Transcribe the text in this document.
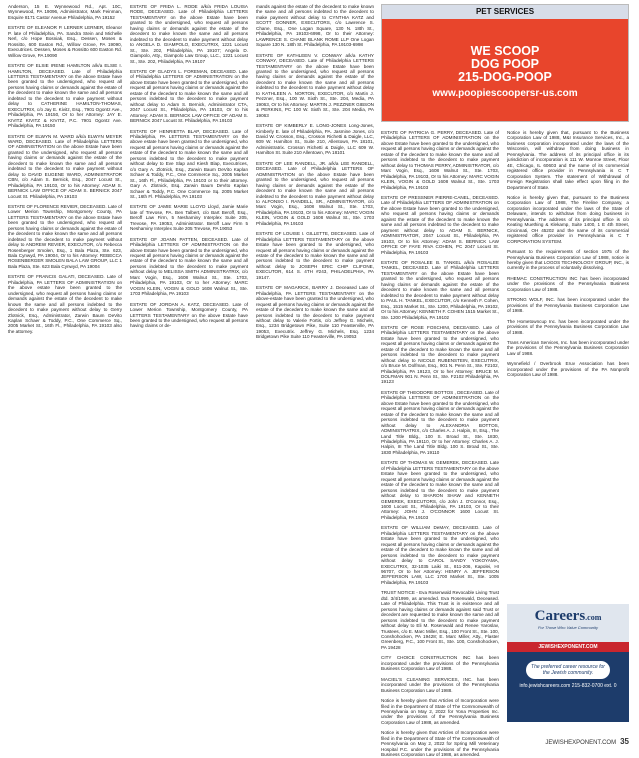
Anderson, 15 E. Wynnewood Rd., Apt. 10C, Wynnewood, PA 19096, Administrator, Mark Feinman, Esquire 8171 Castor Avenue Philadelphia, PA 19152

ESTATE OF ELEANOR P. LERNER LERNER, Eleanor P. late of Philadelphia, PA. Sandra Stein and Michelle Nerl, c/o Hope Bosniak, Esq., Dessen, Moses & Rossitto, 600 Easton Rd., Willow Grove, PA 19090, Executrices. Dessen, Moses & Rossitto 600 Easton Rd. Willow Grove, PA 19090

ESTATE OF ELSIE IRENE HAMILTON a/k/a ELSIE I. HAMILTON, DECEASED. Late of Philadelphia LETTERS TESTAMENTARY on the above Estate have been granted to the undersigned, who request all persons having claims or demands against the estate of the decedent to make known the same and all persons indebted to the decedent to make payment without delay to CATHERINE HAMILTON-THOMAS, EXECUTRIX, c/o Jay E. Kivitz, Esq., 7901 Ogontz Ave., Philadelphia, PA 19150, Or to her Attorney: JAY E. KIVITZ KIVITZ & KIVITZ, P.C. 7901 Ogontz Ave. Philadelphia, PA 19150

ESTATE OF ELWYN M. WARD a/k/a ELWYN MEYER WARD, DECEASED. Late of Philadelphia LETTERS OF ADMINISTRATION on the above Estate have been granted to the undersigned, who request all persons having claims or demands against the estate of the decedent to make known the same and all persons indebted to the decedent to make payment without delay to DAVID EUGENE WARD, ADMINISTRATOR CBN, c/o Adam S. Bernick, Esq., 2047 Locust St., Philadelphia, PA 19103, Or to his Attorney: ADAM S. BERNICK LAW OFFICE OF ADAM S. BERNICK 2047 Locust St. Philadelphia, PA 19103

ESTATE OF FLORENCE REVIER, DECEASED. Late of Lower Merion Township, Montgomery County, PA LETTERS TESTAMENTARY on the above Estate have been granted to the undersigned, who request all persons having claims or demands against the estate of the decedent to make known the same and all persons indebted to the decedent to make payment without delay to ANDREW REVIER, EXECUTOR, c/o Rebecca Rosenberger Smolen, Esq., 1 Bala Plaza, Ste. 623, Bala Cynwyd, PA 19004, Or to his Attorney: REBECCA ROSENBERGER SMOLEN BALA LAW GROUP, LLC 1 Bala Plaza, Ste. 623 Bala Cynwyd, PA 19004

ESTATE OF FRANCIS GALATI, DECEASED. Late of Philadelphia, PA LETTERS OF ADMINISTRATION on the above estate have been granted to the undersigned, who request all persons having claims or demands against the estate of the decedent to make known the same and all persons indebted to the decedent to make payment without delay to Gerry Zlotnick, Esq., Administrator, Zarwin Baum DeVito Kaplan Schaer & Toddy, P.C., One Commerce Sq., 2005 Market St., 16th Fl., Philadelphia, PA 19103 also the attorney.

ESTATE OF FRIDA L. RODE a/k/a FRIDA LOUISA RODE, DECEASED. Late of Philadelphia LETTERS TESTAMENTARY on the above Estate have been granted to the undersigned, who request all persons having claims or demands against the estate of the decedent to make known the same and all persons indebted to the decedent to make payment without delay to ANGELA D. GIAMPOLO, EXECUTRIX, 1221 Locust St., Ste. 202, Philadelphia, PA 19107; Angela D. Giampolo, Atty., Giampolo Law Group, LLC., 1221 Locust St., Ste. 202, Philadelphia, PA 19107

ESTATE OF GLADYS L. FOREMAN, DECEASED. Late of Philadelphia LETTERS OF ADMINISTRATION on the above Estate have been granted to the undersigned, who request all persons having claims or demands against the estate of the decedent to make known the same and all persons indebted to the decedent to make payment without delay to Adam S. Bernick, Administrator CTA, 2047 Locust St., Philadelphia, PA 19103, Or to his Attorney: ADAM S. BERNICK LAW OFFICE OF ADAM S. BERNICK 2047 Locust St. Philadelphia, PA 19103

ESTATE OF HENRIETTA BLAP, DECEASED. Late of Philadelphia, PA LETTERS TESTAMENTARY on the above estate have been granted to the undersigned, who request all persons having claims or demands against the estate of the decedent to make known the same and all persons indebted to the decedent to make payment without delay to Eve Slap and Kiesh Blap, Executrices, c/o Gary A. Zlotnick, Esq., Zarwin Baum DeVito Kaplan Schaer & Toddy, P.C., One Commerce Sq., 2005 Market St., 16th Fl., Philadelphia, PA 19103 or to their attorney. Gary A. Zlotnick, Esq. Zarwin Baum DeVito Kaplan Schaer & Toddy, P.C. One Commerce Sq. 2005 Market St., 16th Fl. Philadelphia, PA 19103

ESTATE OF JAMIE MARIE LLOYD Lloyd, Jamie Marie late of Trevose, PA. Ben Talbert, c/o Bart Beroff, Esq., Beroff Law Firm, 5 Neshaminy Interplex Suite 205, Trevose, PA 19053, Administrator. Beroff Law Firm 5 Neshaminy Interplex Suite 205 Trevose, PA 19053

ESTATE OF JOANN PATTEN, DECEASED. Late of Philadelphia LETTERS OF ADMINISTRATION on the above Estate have been granted to the undersigned, who request all persons having claims or demands against the estate of the decedent to make known the same and all persons indebted to the decedent to make payment without delay to MELISSA SMITH ADMINISTRATRIX, c/o Marc Vogin, Esq., 1608 Walnut St., Ste. 1703, Philadelphia, PA 19103, Or to her Attorney: MARC VOGIN KLEIN, VOGIN & GOLD 1608 Walnut St., Ste. 1703 Philadelphia, PA 19103

ESTATE OF JORDAN A. KATZ, DECEASED. Late of Lower Merion Township, Montgomery County, PA LETTERS TESTAMENTARY on the above Estate have been granted to the undersigned, who request all persons having claims or de-

mands against the estate of the decedent to make known the same and all persons indebted to the decedent to make payment without delay to CYNTHIA KATZ and SCOTT GONNER, EXECUTORS, c/o Lawrence S. Chane, Esq., One Logan Square, 130 N. 18th St., Philadelphia, PA 19103-6998, Or to their Attorney: LAWRENCE S. CHANE BLANK ROME LLP One Logan Square 130 N. 18th St. Philadelphia, PA 19103-6998

ESTATE OF KATHLEEN V. CONWAY a/k/a KATHY CONWAY, DECEASED. Late of Philadelphia LETTERS TESTAMENTARY on the above Estate have been granted to the undersigned, who request all persons having claims or demands against the estate of the decedent to make known the same and all persons indebted to the decedent to make payment without delay to KATHLEEN A. NORTON, EXECUTOR, c/o Martin J. Pezzner, Esq., 100 W. Sixth St., Ste. 204, Media, PA 19063, Or to his Attorney: MARTIN J. PEZZNER GIBSON & PERKINS, PC 100 W. Sixth St., Ste. 204 Media, PA 19063

ESTATE OF KIMBERLY E. LONG-JONES Long-Jones, Kimberly E. late of Philadelphia, PA. Jasmine Jones, c/o David W. Crosson, Esq., Crosson Richetti & Daigle, LLC, 609 W. Hamilton St., Suite 210, Allentown, PA 18101, Administratrix. Crosson Richetti & Daigle, LLC 609 W. Hamilton St. Suite 210 Allentown, PA 18101

ESTATE OF LEE RANDELL, JR. a/k/a LEE RANDELL, DECEASED. Late of Philadelphia LETTERS OF ADMINISTRATION on the above Estate have been granted to the undersigned, who request all persons having claims or demands against the estate of the decedent to make known the same and all persons indebted to the decedent to make payment without delay to ALFONSO I. RANDELL, SR., ADMINISTRATOR, c/o Marc Vogin, Esq., 1608 Walnut St., Ste. 1703, Philadelphia, PA 19103, Or to his Attorney: MARC VOGIN KLEIN, VOGIN & GOLD 1608 Walnut St., Ste. 1703 Philadelphia, PA 19103

ESTATE OF LOUISE I. GILLETTE, DECEASED. Late of Philadelphia LETTERS TESTAMENTARY on the above Estate have been granted to the undersigned, who request all persons having claims or demands against the estate of the decedent to make known the same and all persons indebted to the decedent to make payment without delay to JOSEPH ERIC CHIP CLIFONE, EXECUTOR, 614 S. 4TH #243, PHILADELPHIA, PA 19147.

ESTATE OF MAGARICK, BARRY J. Deceased Late of Philadelphia, PA LETTERS TESTAMENTARY on the above-estate have been granted to the undersigned, who request all persons having claims or demands against the estate of the decedent to make known the same and all persons indebted to the decedent to make payment without delay to Valerie Fortis, c/o Jeffrey G. Michels, Esq., 1234 Bridgetown Pike, Suite 110 Feasterville, PA 19053, Executrix. Jeffrey G. Michels, Esq. 1234 Bridgetown Pike Suite 110 Feasterville, PA 19053

PET SERVICES
WE SCOOP
DOG POOP
215-DOG-POOP
www.poopiescoopersr-us.com

ESTATE OF PATRICIA G. PERRY, DECEASED. Late of Philadelphia LETTERS OF ADMINISTRATION on the above Estate have been granted to the undersigned, who request all persons having claims or demands against the estate of the decedent to make known the same and all persons indebted to the decedent to make payment without delay to THOMAS PERRY, ADMINISTRATOR, c/o Marc Vogin, Esq., 1608 Walnut St., Ste. 1703, Philadelphia, PA 19103, Or to his Attorney: MARC VOGIN KLEIN, VOGIN & GOLD 1608 Walnut St., Ste. 1703 Philadelphia, PA 19103

ESTATE OF PRESSNER PIERRE-CANEL, DECEASED. Late of Philadelphia LETTERS OF ADMINISTRATION on the above Estate have been granted to the undersigned, who request all persons having claims or demands against the estate of the decedent to make known the same and all persons indebted to the decedent to make payment without delay to ADAM S. BERNICK, ADMINISTRATOR, 2047 Locust St., Philadelphia, PA 19103, Or to his Attorney: ADAM S. BERNICK LAW OFFICE OF FAYE RIVA COHEN, PC 2047 Locust St. Philadelphia, PA 19103

ESTATE OF ROSALEE B. TANKEL a/k/a ROSALEE TANKEL, DECEASED. Late of Philadelphia LETTERS TESTAMENTARY on the above Estate have been granted to the undersigned, who request all persons having claims or demands against the estate of the decedent to make known the same and all persons indebted to the decedent to make payment without delay to PAUL H. TANKEL, EXECUTOR, c/o Kenneth F. Cohen, Esq., 1515 Market St., Ste. 1200, Philadelphia, PA 19102, Or to his Attorney: KENNETH F. COHEN 1515 Market St., Ste. 1200 Philadelphia, PA 19102

ESTATE OF ROSE FOSCHINI, DECEASED. Late of Philadelphia LETTERS TESTAMENTARY on the above Estate have been granted to the undersigned, who request all persons having claims or demands against the estate of the decedent to make known the same and all persons indebted to the decedent to make payment without delay to NICOLE RUBENSTEIN, EXECUTRIX, c/o Bruce M. Dolfman, Esq., 901 N. Penn St., Ste. F2102, Philadelphia, PA 19123, Or to her Attorney: BRUCE M. DOLFMAN 901 N. Penn St., Ste. F2102 Philadelphia, PA 19123

ESTATE OF THEODORE BOTTOS , DECEASED. Late of Philadelphia LETTERS OF ADMINISTRATION on the above Estate have been granted to the undersigned, who request all persons having claims or demands against the estate of the decedent to make known the same and all persons indebted to the decedent to make payment without delay to ALEXANDRIA BOTTOS, ADMINISTRATRIX, c/o Charles A. J. Halpin, III, Esq., The Land Title Bldg., 100 S. Broad St., Ste. 1830, Philadelphia, PA 19110, Or to her Attorney: Charles A. J. Halpin, III The Land Title Bldg. 100 S. Broad St., Ste. 1830 Philadelphia, PA 19110

ESTATE OF THOMAS W. GEMEREK, DECEASED. Late of Philadelphia LETTERS TESTAMENTARY on the above Estate have been granted to the undersigned, who request all persons having claims or demands against the estate of the decedent to make known the same and all persons indebted to the decedent to make payment without delay to SHARON SHAW and KENNETH GEMEREK, EXECUTORS, c/o John J. O'Connor, Esq., 1600 Locust St., Philadelphia, PA 19103, Or to their Attorney: JOHN J. O'CONNOR 1600 Locust St. Philadelphia, PA 19103

ESTATE OF WILLIAM DeMAY, DECEASED. Late of Philadelphia LETTERS TESTAMENTARY on the above Estate have been granted to the undersigned, who request all persons having claims or demands against the estate of the decedent to make known the same and all persons indebted to the decedent to make payment without delay to CAROL SANDY YOKOYAMA, EXECUTRIX, 32-1035 Laiki St., 811-206, Kapolei, HI 96707, Or to her Attorney: HENRY A. JEFFERSON JEFFERSON LAW, LLC 1700 Market St., Ste. 1005 Philadelphia, PA 19103

TRUST NOTICE - Eva Rosenwald Revocable Living Trust dtd. 3/4/1999, as amended. Eva Rosenwald, Deceased. Late of Philadelphia. This Trust is in existence and all persons having claims or demands against said Trust or decedent are requested to make known the same and all persons indebted to the decedent to make payment without delay to Eli M. Rosenwald and Renee Yaroslav, Trustees, c/o E. Marc Miller, Esq., 100 Front St., Ste. 100, Conshohocken, PA 19428; E. Marc Miller, Atty., Flaster Greenberg, P.C., 100 Front St., Ste. 100, Conshohocken, PA 19428

CITY CHOICE CONSTRUCTION INC has been incorporated under the provisions of the Pennsylvania Business Corporation Law of 1988.

MACIEL'S CLEANING SERVICES, INC. has been incorporated under the provisions of the Pennsylvania Business Corporation Law of 1988.

Notice is hereby given that Articles of Incorporation were filed in the Department of State of The Commonwealth of Pennsylvania on May 2, 2022 for Yona Properties Inc. under the provisions of the Pennsylvania Business Corporation Law of 1988, as amended.

Notice is hereby given that Articles of Incorporation were filed in the Department of State of The Commonwealth of Pennsylvania on May 2, 2022 for Spring Mill Veterinary Hospital P.C. under the provisions of the Pennsylvania Business Corporation Law of 1988, as amended.

Notice is hereby given that, pursuant to the Business Corporation Law of 1988, M&I Insurance Services, Inc., a business corporation incorporated under the laws of the Wisconsin, will withdraw from doing business in Pennsylvania. The address of its principal office in its jurisdiction of incorporation is 111 W. Monroe Street, Floor 4E, Chicago, IL 60603 and the name of its commercial registered office provider in Pennsylvania is C T Corporation System. The statement of Withdrawal of Foreign Registration shall take effect upon filing in the Department of State.

Notice is hereby given that, pursuant to the Business Corporation Law of 1988, The Fireline Company, a corporation incorporated under the laws of the State of Delaware, intends to withdraw from doing business in Pennsylvania. The address of its principal office is c/o Keating Muething & Klekamp, Suite 1400, 1 E 4th Street, Cincinnati, OH 45202 and the name of its commercial registered office provider in Pennsylvania is C T CORPORATION SYSTEM.

Pursuant to the requirements of section 1975 of the Pennsylvania Business Corporation Law of 1988, notice is hereby given that LOGOS TECHNOLOGY GROUP, INC., is currently in the process of voluntarily dissolving.

RHEMAC CONSTRUCTION INC has been incorporated under the provisions of the Pennsylvania Business Corporation Law of 1988.

STRONG WOLF, INC. has been incorporated under the provisions of the Pennsylvania Business Corporation Law of 1988.

The Hometowncup Inc. has been incorporated under the provisions of the Pennsylvania Business Corporation Law of 1988.

Trans American Services, Inc. has been incorporated under the provisions of the Pennsylvania Business Corporation Law of 1988.

Wynnefield / Overbrook Eruv Association has been incorporated under the provisions of the PA Nonprofit Corporation Law of 1988.

Careers.com
For Those Who Value Community
JEWISHEXPONENT.COM
The preferred career resource for the Jewish community.
info.jewishcareers.com 215-832-0700 ext. 0
JEWISHEXPONENT.COM 35
